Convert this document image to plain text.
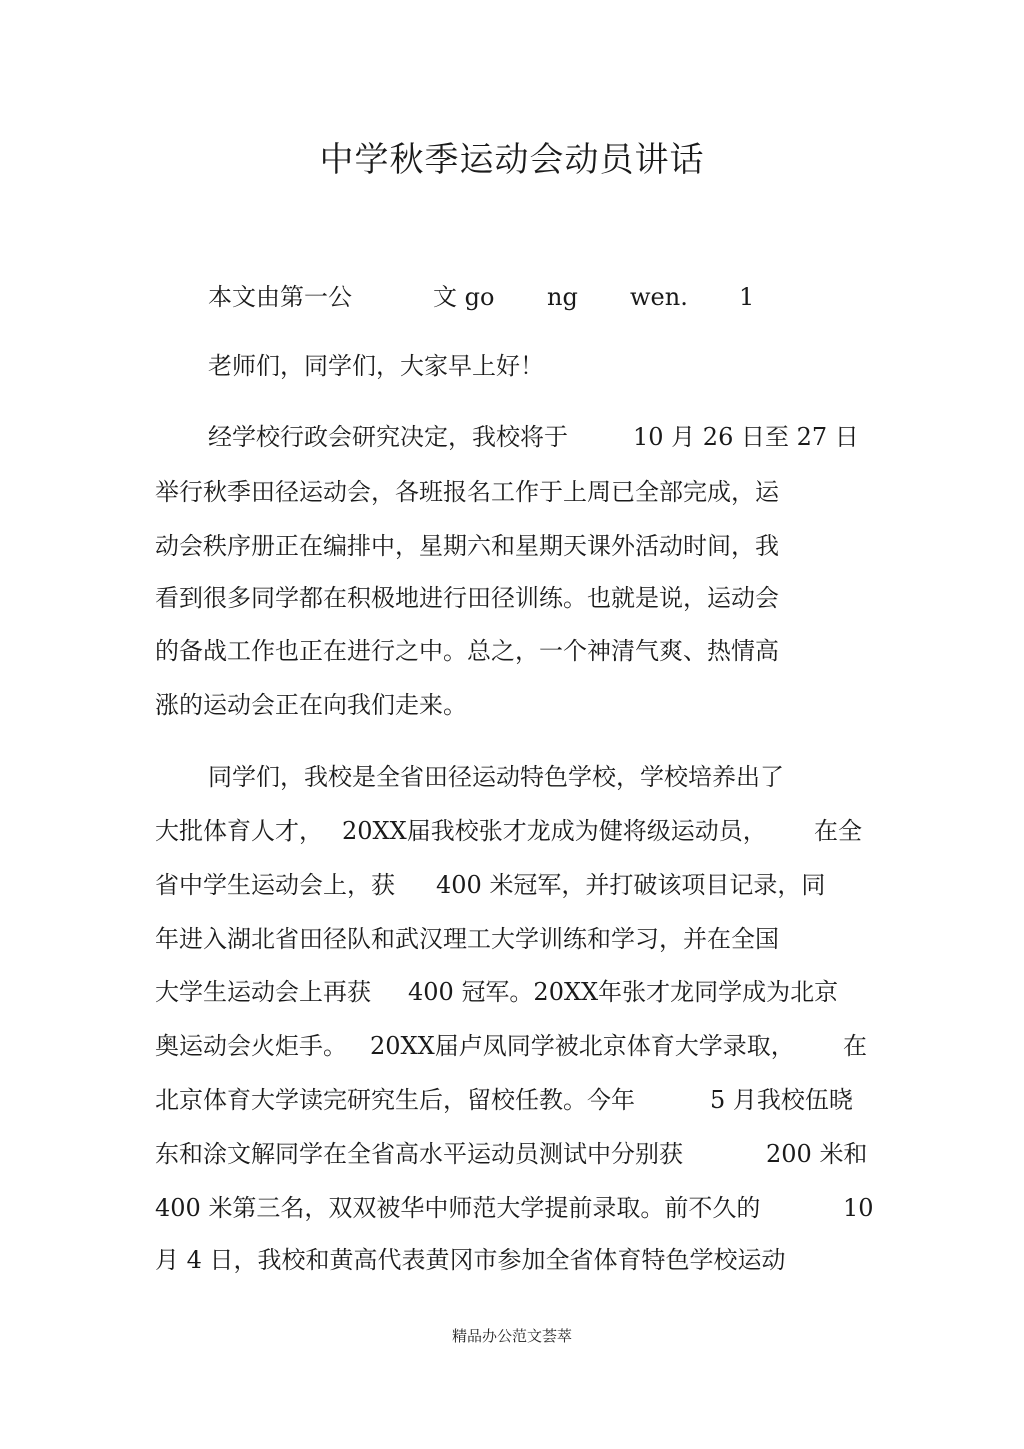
中学秋季运动会动员讲话
本文由第一公	文 go ng wen. 1
老师们，同学们，大家早上好！
经学校行政会研究决定，我校将于	10 月 26 日至 27 日
举行秋季田径运动会，各班报名工作于上周已全部完成，运
动会秩序册正在编排中，星期六和星期天课外活动时间，我
看到很多同学都在积极地进行田径训练。也就是说，运动会
的备战工作也正在进行之中。总之，一个神清气爽、热情高
涨的运动会正在向我们走来。
同学们，我校是全省田径运动特色学校，学校培养出了
大批体育人才， 20XX届我校张才龙成为健将级运动员， 在全
省中学生运动会上，获 400 米冠军，并打破该项目记录，同
年进入湖北省田径队和武汉理工大学训练和学习，并在全国
大学生运动会上再获 400 冠军。20XX年张才龙同学成为北京
奥运动会火炬手。 20XX届卢凤同学被北京体育大学录取， 在
北京体育大学读完研究生后，留校任教。今年	5 月我校伍晓
东和涂文解同学在全省高水平运动员测试中分别获	200 米和
400 米第三名，双双被华中师范大学提前录取。前不久的	10
月 4 日，我校和黄高代表黄冈市参加全省体育特色学校运动
精品办公范文荟萃
